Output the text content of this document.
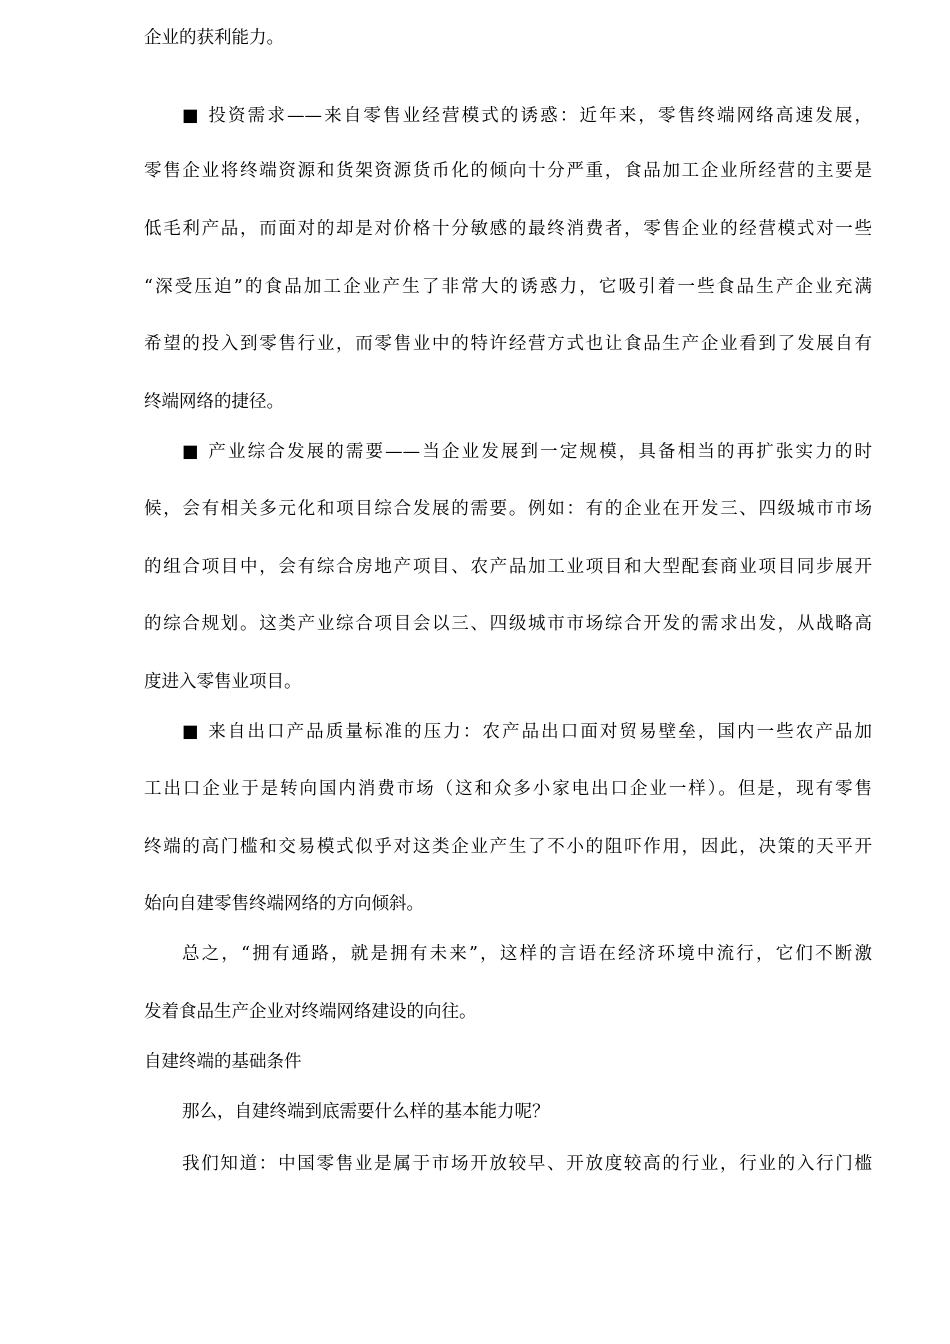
企业的获利能力。
■ 投资需求——来自零售业经营模式的诱惑：近年来，零售终端网络高速发展，
零售企业将终端资源和货架资源货币化的倾向十分严重，食品加工企业所经营的主要是
低毛利产品，而面对的却是对价格十分敏感的最终消费者，零售企业的经营模式对一些
“深受压迫”的食品加工企业产生了非常大的诱惑力，它吸引着一些食品生产企业充满
希望的投入到零售行业，而零售业中的特许经营方式也让食品生产企业看到了发展自有
终端网络的捷径。
■ 产业综合发展的需要——当企业发展到一定规模，具备相当的再扩张实力的时
候，会有相关多元化和项目综合发展的需要。例如：有的企业在开发三、四级城市市场
的组合项目中，会有综合房地产项目、农产品加工业项目和大型配套商业项目同步展开
的综合规划。这类产业综合项目会以三、四级城市市场综合开发的需求出发，从战略高
度进入零售业项目。
■ 来自出口产品质量标准的压力：农产品出口面对贸易壁垒，国内一些农产品加
工出口企业于是转向国内消费市场（这和众多小家电出口企业一样）。但是，现有零售
终端的高门槛和交易模式似乎对这类企业产生了不小的阻吓作用，因此，决策的天平开
始向自建零售终端网络的方向倾斜。
总之，“拥有通路，就是拥有未来”，这样的言语在经济环境中流行，它们不断激
发着食品生产企业对终端网络建设的向往。
自建终端的基础条件
那么，自建终端到底需要什么样的基本能力呢？
我们知道：中国零售业是属于市场开放较早、开放度较高的行业，行业的入行门槛
